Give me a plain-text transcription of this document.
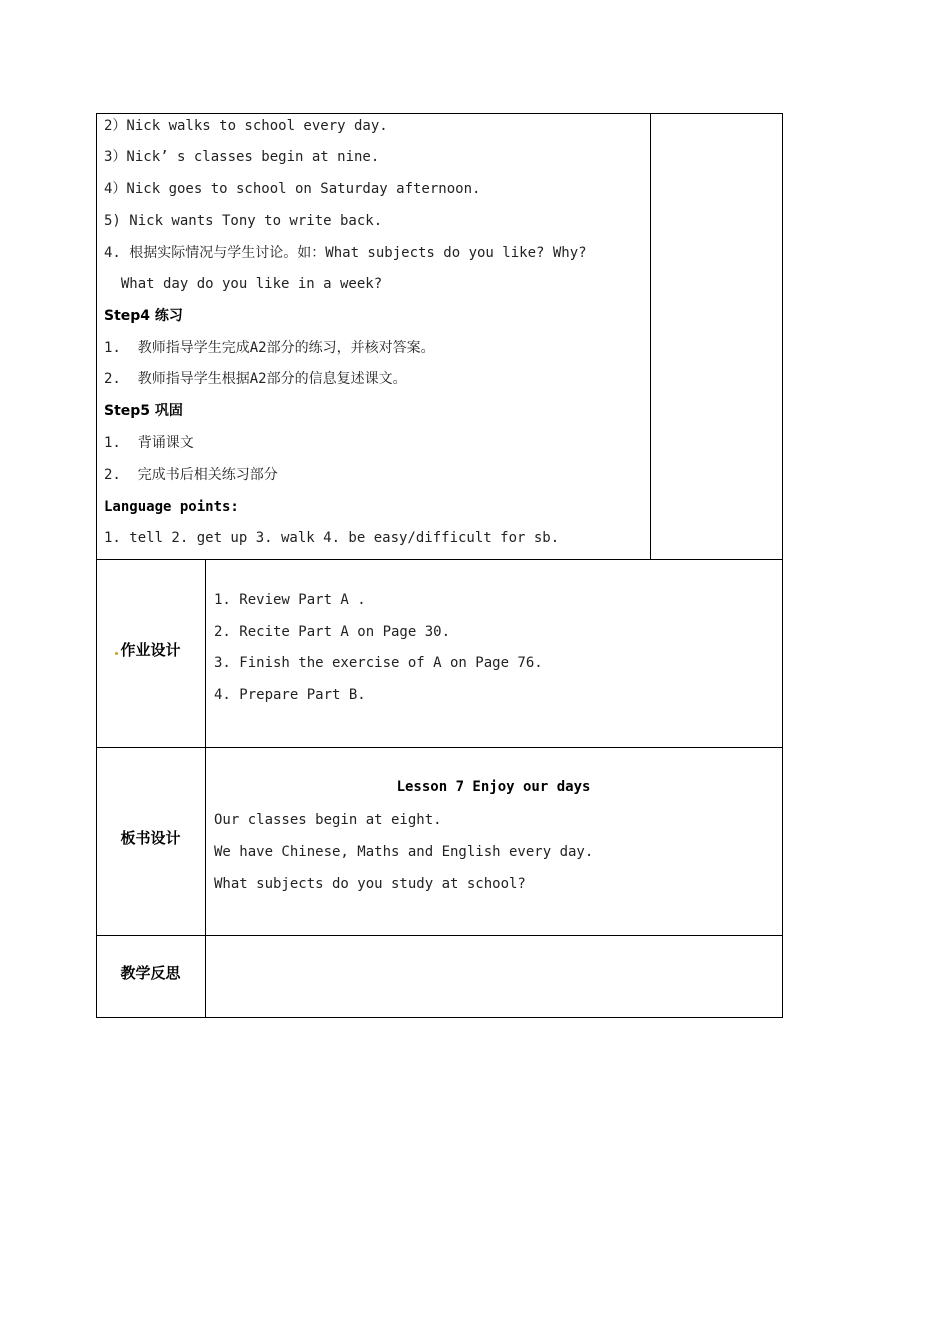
2）Nick walks to school every day.
3）Nick’ s classes begin at nine.
4）Nick goes to school on Saturday afternoon.
5) Nick wants Tony to write back.
4. 根据实际情况与学生讨论。如：What subjects do you like? Why?
What day do you like in a week?
Step4 练习
1.  教师指导学生完成A2部分的练习，并核对答案。
2.  教师指导学生根据A2部分的信息复述课文。
Step5 巩固
1.  背诵课文
2.  完成书后相关练习部分
Language points:
1. tell 2. get up 3. walk 4. be easy/difficult for sb.
作业设计
1. Review Part A .
2. Recite Part A on Page 30.
3. Finish the exercise of A on Page 76.
4. Prepare Part B.
板书设计
Lesson 7 Enjoy our days
Our classes begin at eight.
We have Chinese, Maths and English every day.
What subjects do you study at school?
教学反思
